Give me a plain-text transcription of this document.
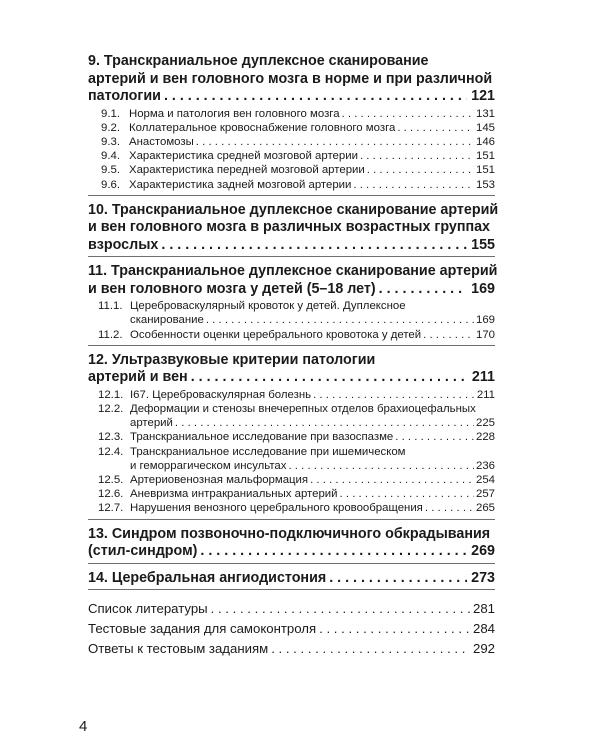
9. Транскраниальное дуплексное сканирование
артерий и вен головного мозга в норме и при различной
патологии . . .	121
9.1. Норма и патология вен головного мозга . . .	131
9.2. Коллатеральное кровоснабжение головного мозга . . .	145
9.3. Анастомозы . . .	146
9.4. Характеристика средней мозговой артерии . . .	151
9.5. Характеристика передней мозговой артерии . . .	151
9.6. Характеристика задней мозговой артерии . . .	153
10. Транскраниальное дуплексное сканирование артерий
и вен головного мозга в различных возрастных группах
взрослых . . .	155
11. Транскраниальное дуплексное сканирование артерий
и вен головного мозга у детей (5–18 лет) . . .	169
11.1. Цереброваскулярный кровоток у детей. Дуплексное
сканирование . . .	169
11.2. Особенности оценки церебрального кровотока у детей . . .	170
12. Ультразвуковые критерии патологии
артерий и вен . . .	211
12.1. I67. Цереброваскулярная болезнь . . .	211
12.2. Деформации и стенозы внечерепных отделов брахиоцефальных
артерий . . .	225
12.3. Транскраниальное исследование при вазоспазме . . .	228
12.4. Транскраниальное исследование при ишемическом
и геморрагическом инсультах . . .	236
12.5. Артериовенозная мальформация . . .	254
12.6. Аневризма интракраниальных артерий . . .	257
12.7. Нарушения венозного церебрального кровообращения . . .	265
13. Синдром позвоночно-подключичного обкрадывания
(стил-синдром) . . .	269
14. Церебральная ангиодистония . . .	273
Список литературы . . .	281
Тестовые задания для самоконтроля . . .	284
Ответы к тестовым заданиям . . .	292
4
